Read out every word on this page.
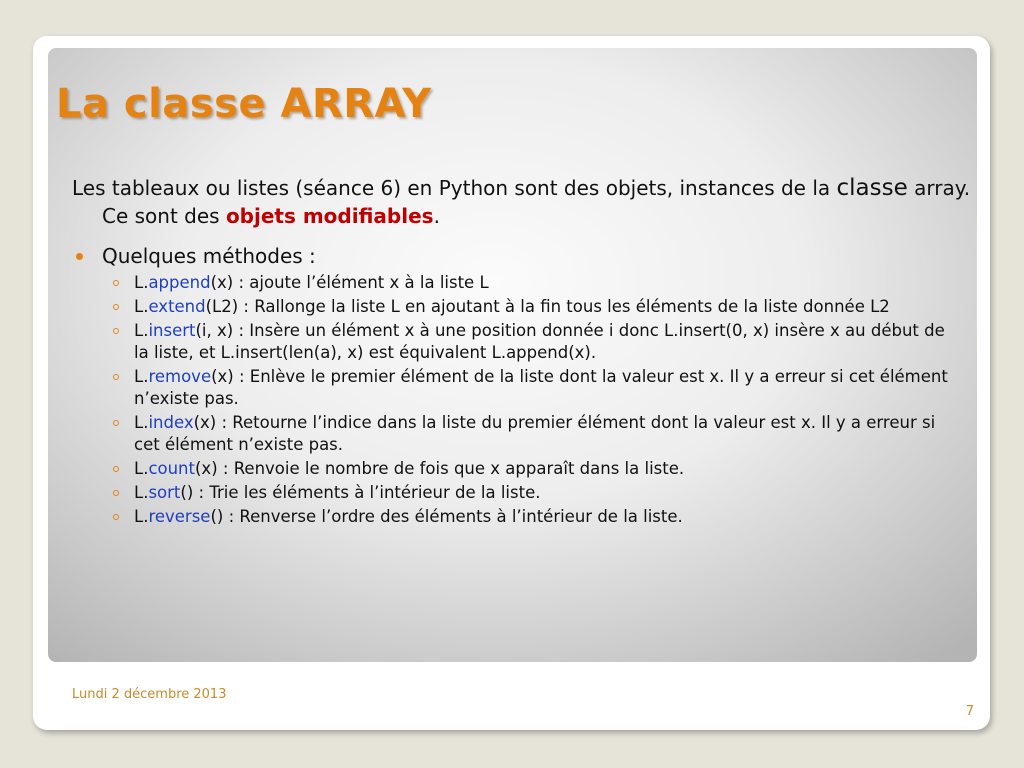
La classe ARRAY

Les tableaux ou listes (séance 6) en Python sont des objets, instances de la classe array. Ce sont des objets modifiables.

Quelques méthodes :
L.append(x) : ajoute l’élément x à la liste L
L.extend(L2) : Rallonge la liste L en ajoutant à la fin tous les éléments de la liste donnée L2
L.insert(i, x) : Insère un élément x à une position donnée i donc L.insert(0, x) insère x au début de la liste, et L.insert(len(a), x) est équivalent L.append(x).
L.remove(x) : Enlève le premier élément de la liste dont la valeur est x. Il y a erreur si cet élément n’existe pas.
L.index(x) : Retourne l’indice dans la liste du premier élément dont la valeur est x. Il y a erreur si cet élément n’existe pas.
L.count(x) : Renvoie le nombre de fois que x apparaît dans la liste.
L.sort() : Trie les éléments à l’intérieur de la liste.
L.reverse() : Renverse l’ordre des éléments à l’intérieur de la liste.
Lundi 2 décembre 2013
7
